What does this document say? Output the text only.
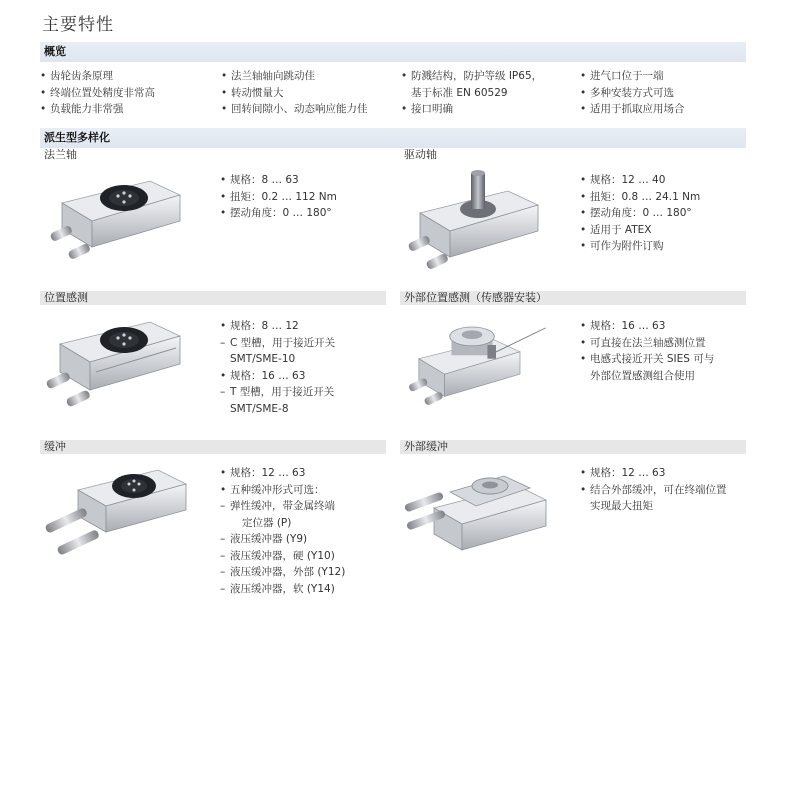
主要特性
概览
• 齿轮齿条原理
• 终端位置处精度非常高
• 负载能力非常强
• 法兰轴轴向跳动佳
• 转动惯量大
• 回转间隙小、动态响应能力佳
• 防溅结构，防护等级 IP65，
基于标准 EN 60529
• 接口明确
• 进气口位于一端
• 多种安装方式可选
• 适用于抓取应用场合
派生型多样化
法兰轴	驱动轴
位置感测	外部位置感测（传感器安装）
缓冲	外部缓冲
• 规格：8 … 63
• 扭矩：0.2 … 112 Nm
• 摆动角度：0 … 180°
• 规格：12 … 40
• 扭矩：0.8 … 24.1 Nm
• 摆动角度：0 … 180°
• 适用于 ATEX
• 可作为附件订购
• 规格：8 … 12
– C 型槽，用于接近开关
SMT/SME-10
• 规格：16 … 63
– T 型槽，用于接近开关
SMT/SME-8
• 规格：16 … 63
• 可直接在法兰轴感测位置
• 电感式接近开关 SIES 可与
外部位置感测组合使用
• 规格：12 … 63
• 五种缓冲形式可选：
– 弹性缓冲，带金属终端
定位器 (P)
– 液压缓冲器 (Y9)
– 液压缓冲器，硬 (Y10)
– 液压缓冲器，外部 (Y12)
– 液压缓冲器，软 (Y14)
• 规格：12 … 63
• 结合外部缓冲，可在终端位置
实现最大扭矩
